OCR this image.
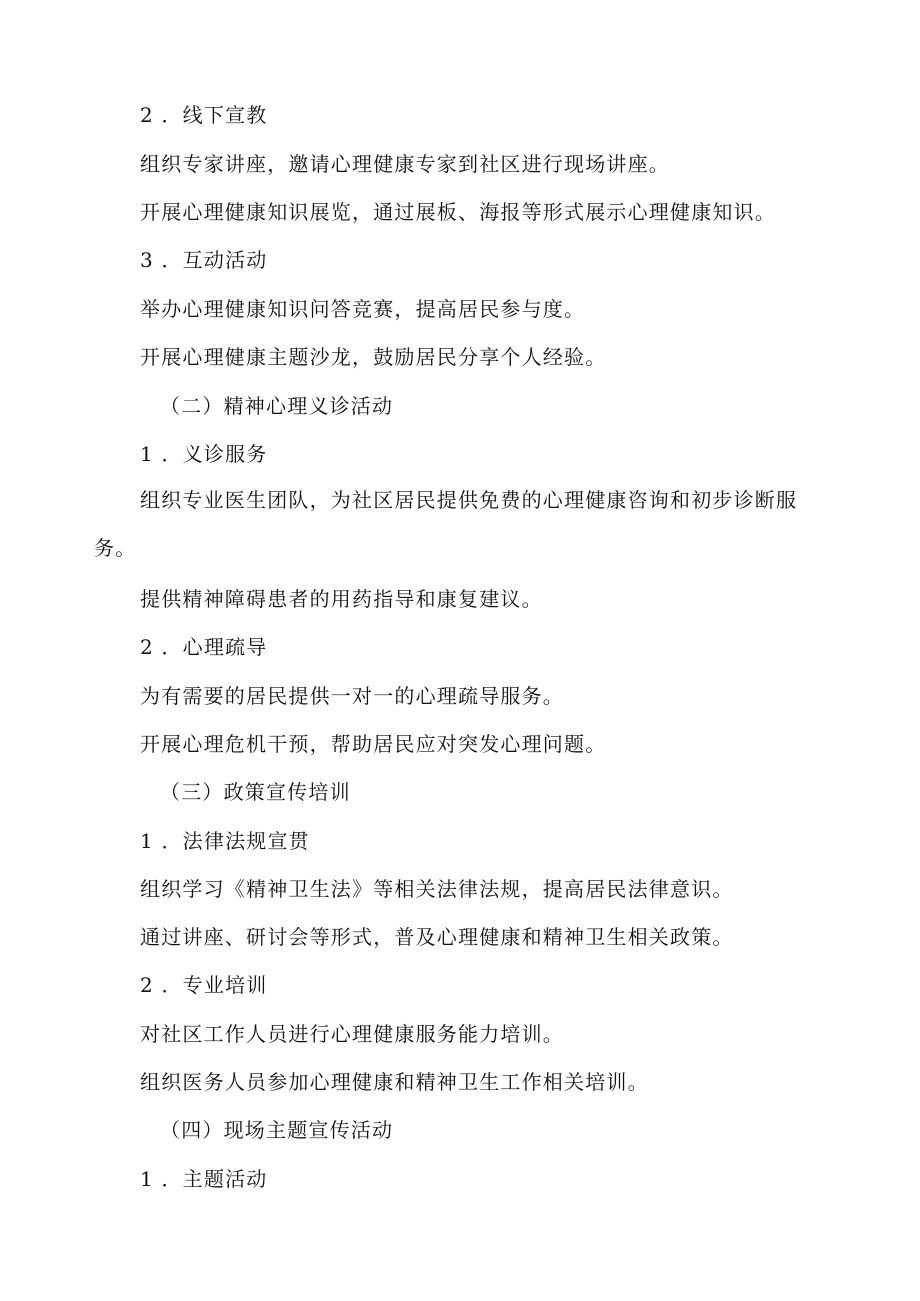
2 ．线下宣教
组织专家讲座，邀请心理健康专家到社区进行现场讲座。
开展心理健康知识展览，通过展板、海报等形式展示心理健康知识。
3 ．互动活动
举办心理健康知识问答竞赛，提高居民参与度。
开展心理健康主题沙龙，鼓励居民分享个人经验。
（二）精神心理义诊活动
1 ．义诊服务
组织专业医生团队，为社区居民提供免费的心理健康咨询和初步诊断服
务。
提供精神障碍患者的用药指导和康复建议。
2 ．心理疏导
为有需要的居民提供一对一的心理疏导服务。
开展心理危机干预，帮助居民应对突发心理问题。
（三）政策宣传培训
1 ．法律法规宣贯
组织学习《精神卫生法》等相关法律法规，提高居民法律意识。
通过讲座、研讨会等形式，普及心理健康和精神卫生相关政策。
2 ．专业培训
对社区工作人员进行心理健康服务能力培训。
组织医务人员参加心理健康和精神卫生工作相关培训。
（四）现场主题宣传活动
1 ．主题活动
